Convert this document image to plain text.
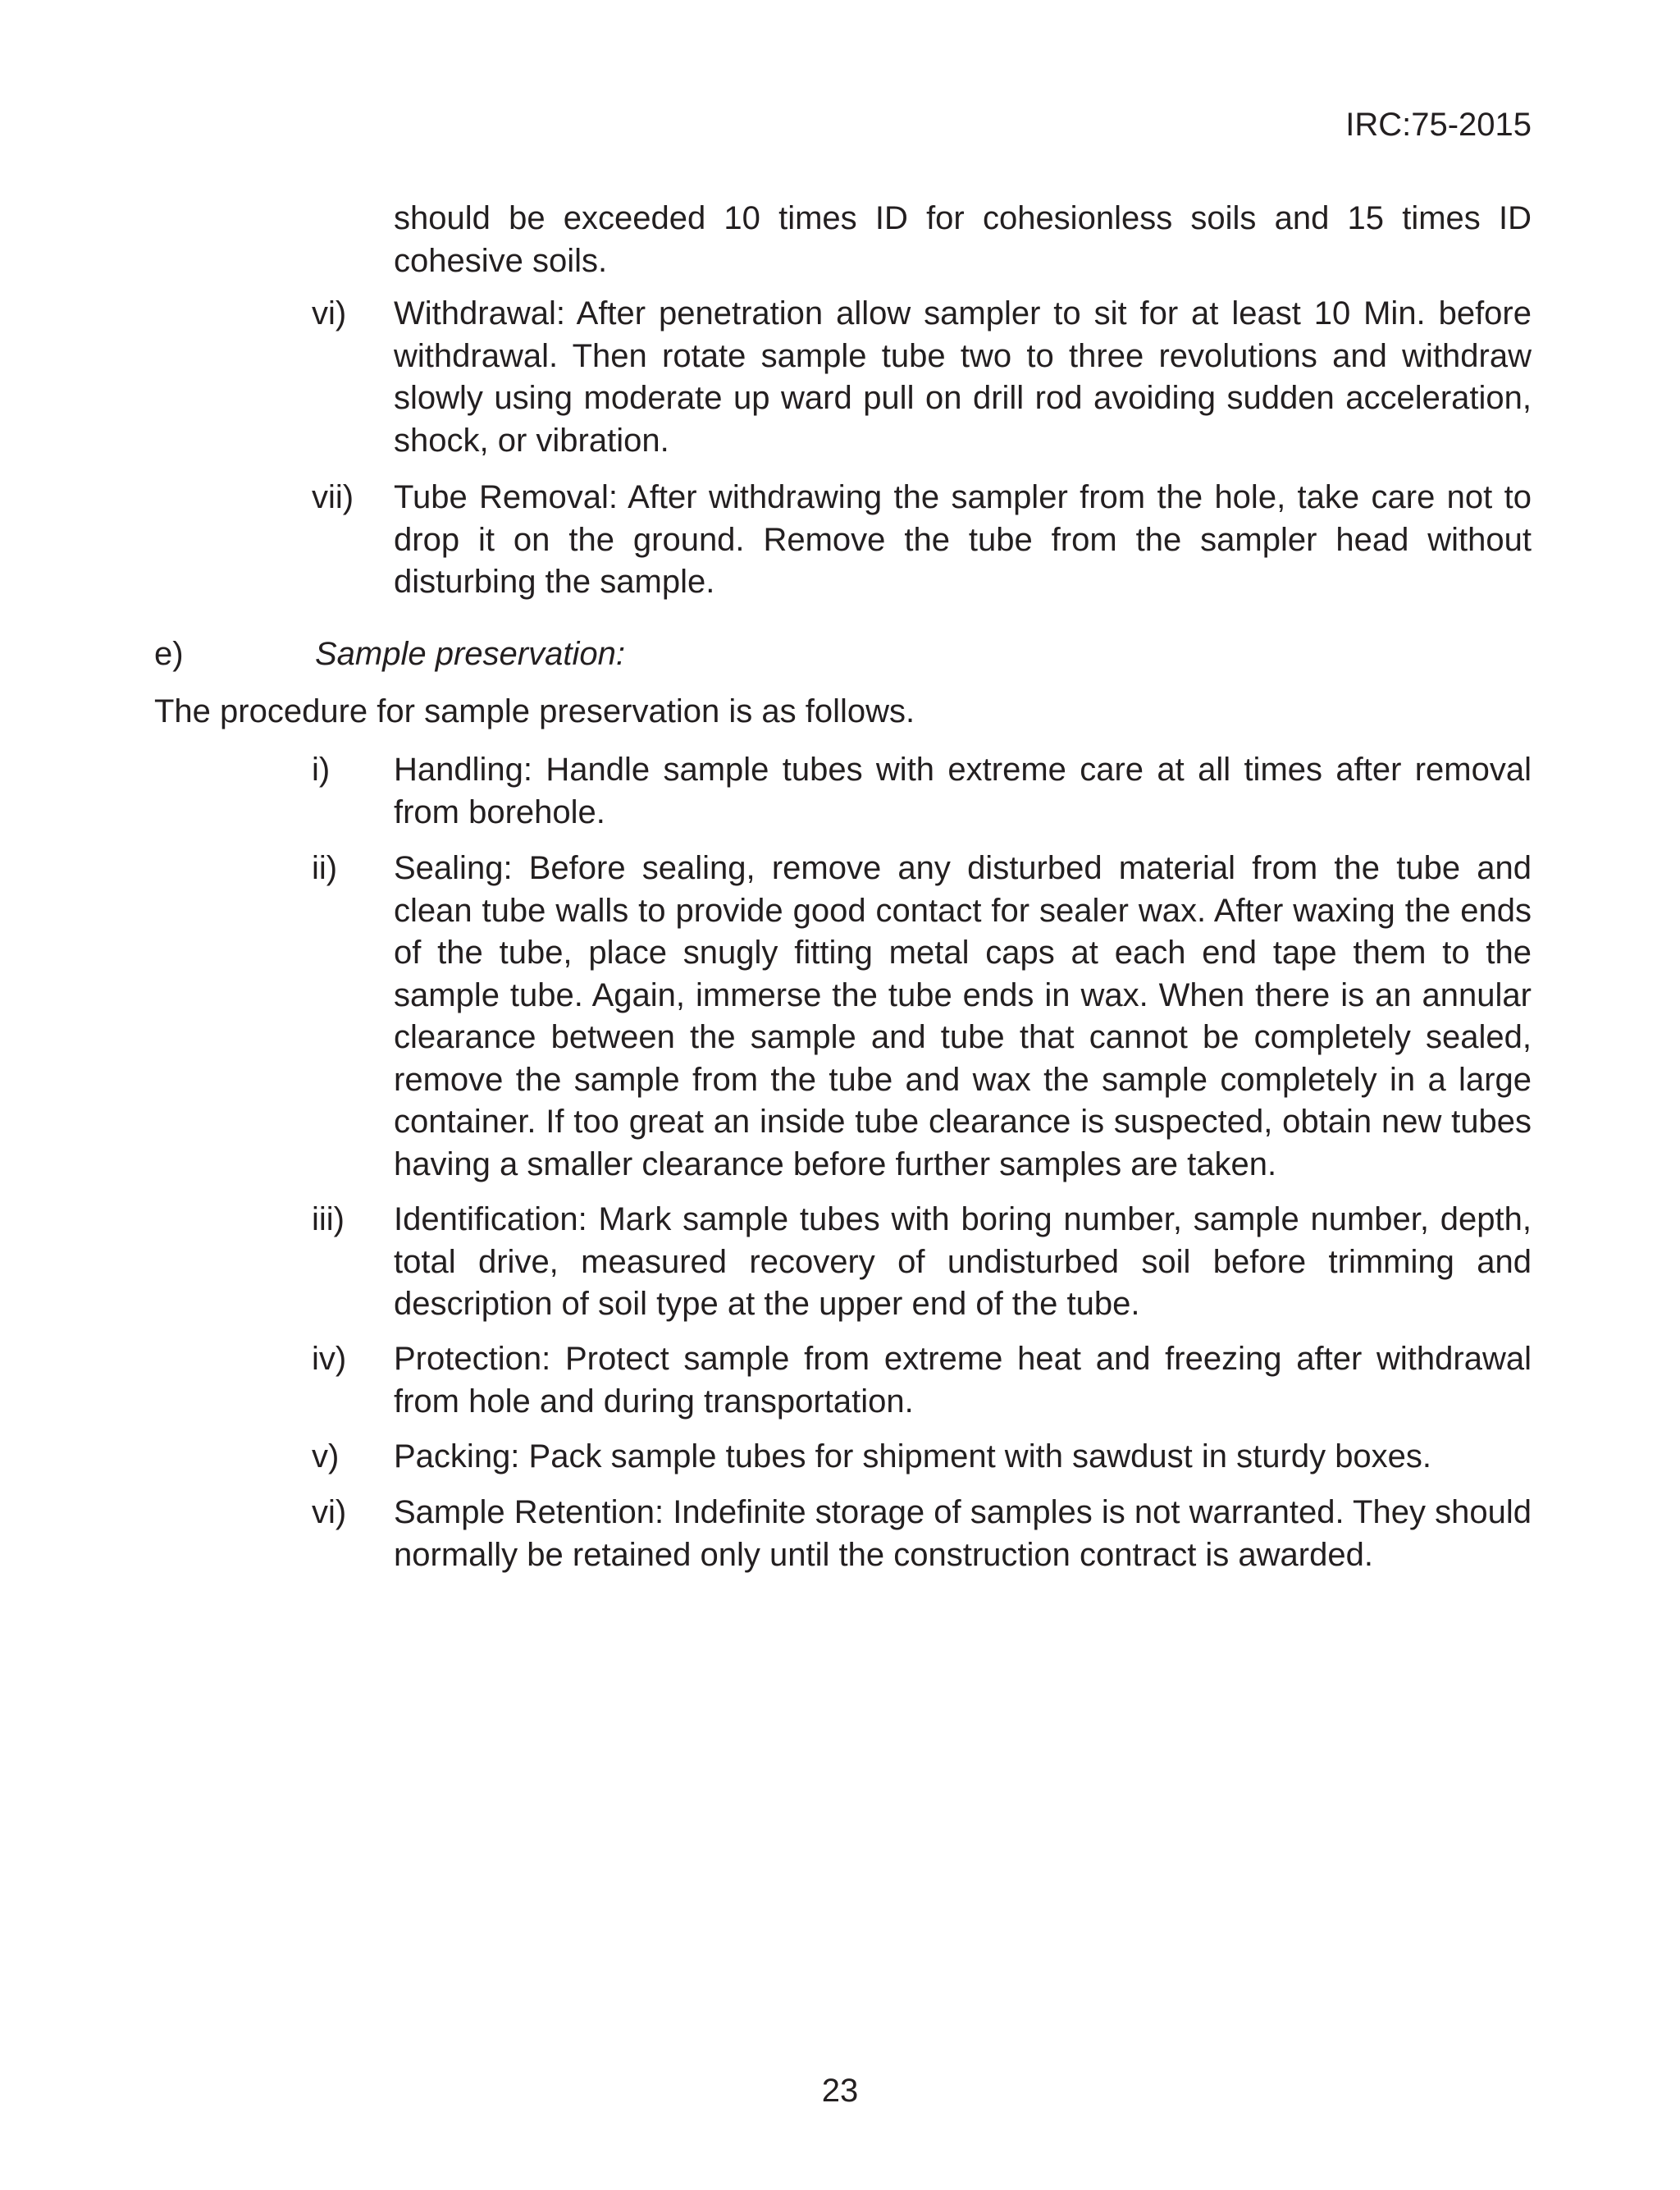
IRC:75-2015

should be exceeded 10 times ID for cohesionless soils and 15 times ID cohesive soils.

vi)	Withdrawal: After penetration allow sampler to sit for at least 10 Min. before withdrawal. Then rotate sample tube two to three revolutions and withdraw slowly using moderate up ward pull on drill rod avoiding sudden acceleration, shock, or vibration.

vii)	Tube Removal: After withdrawing the sampler from the hole, take care not to drop it on the ground. Remove the tube from the sampler head without disturbing the sample.

e)	Sample preservation:

The procedure for sample preservation is as follows.

i)	Handling: Handle sample tubes with extreme care at all times after removal from borehole.

ii)	Sealing: Before sealing, remove any disturbed material from the tube and clean tube walls to provide good contact for sealer wax. After waxing the ends of the tube, place snugly fitting metal caps at each end tape them to the sample tube. Again, immerse the tube ends in wax. When there is an annular clearance between the sample and tube that cannot be completely sealed, remove the sample from the tube and wax the sample completely in a large container. If too great an inside tube clearance is suspected, obtain new tubes having a smaller clearance before further samples are taken.

iii)	Identification: Mark sample tubes with boring number, sample number, depth, total drive, measured recovery of undisturbed soil before trimming and description of soil type at the upper end of the tube.

iv)	Protection: Protect sample from extreme heat and freezing after withdrawal from hole and during transportation.

v)	Packing: Pack sample tubes for shipment with sawdust in sturdy boxes.

vi)	Sample Retention: Indefinite storage of samples is not warranted. They should normally be retained only until the construction contract is awarded.

23
